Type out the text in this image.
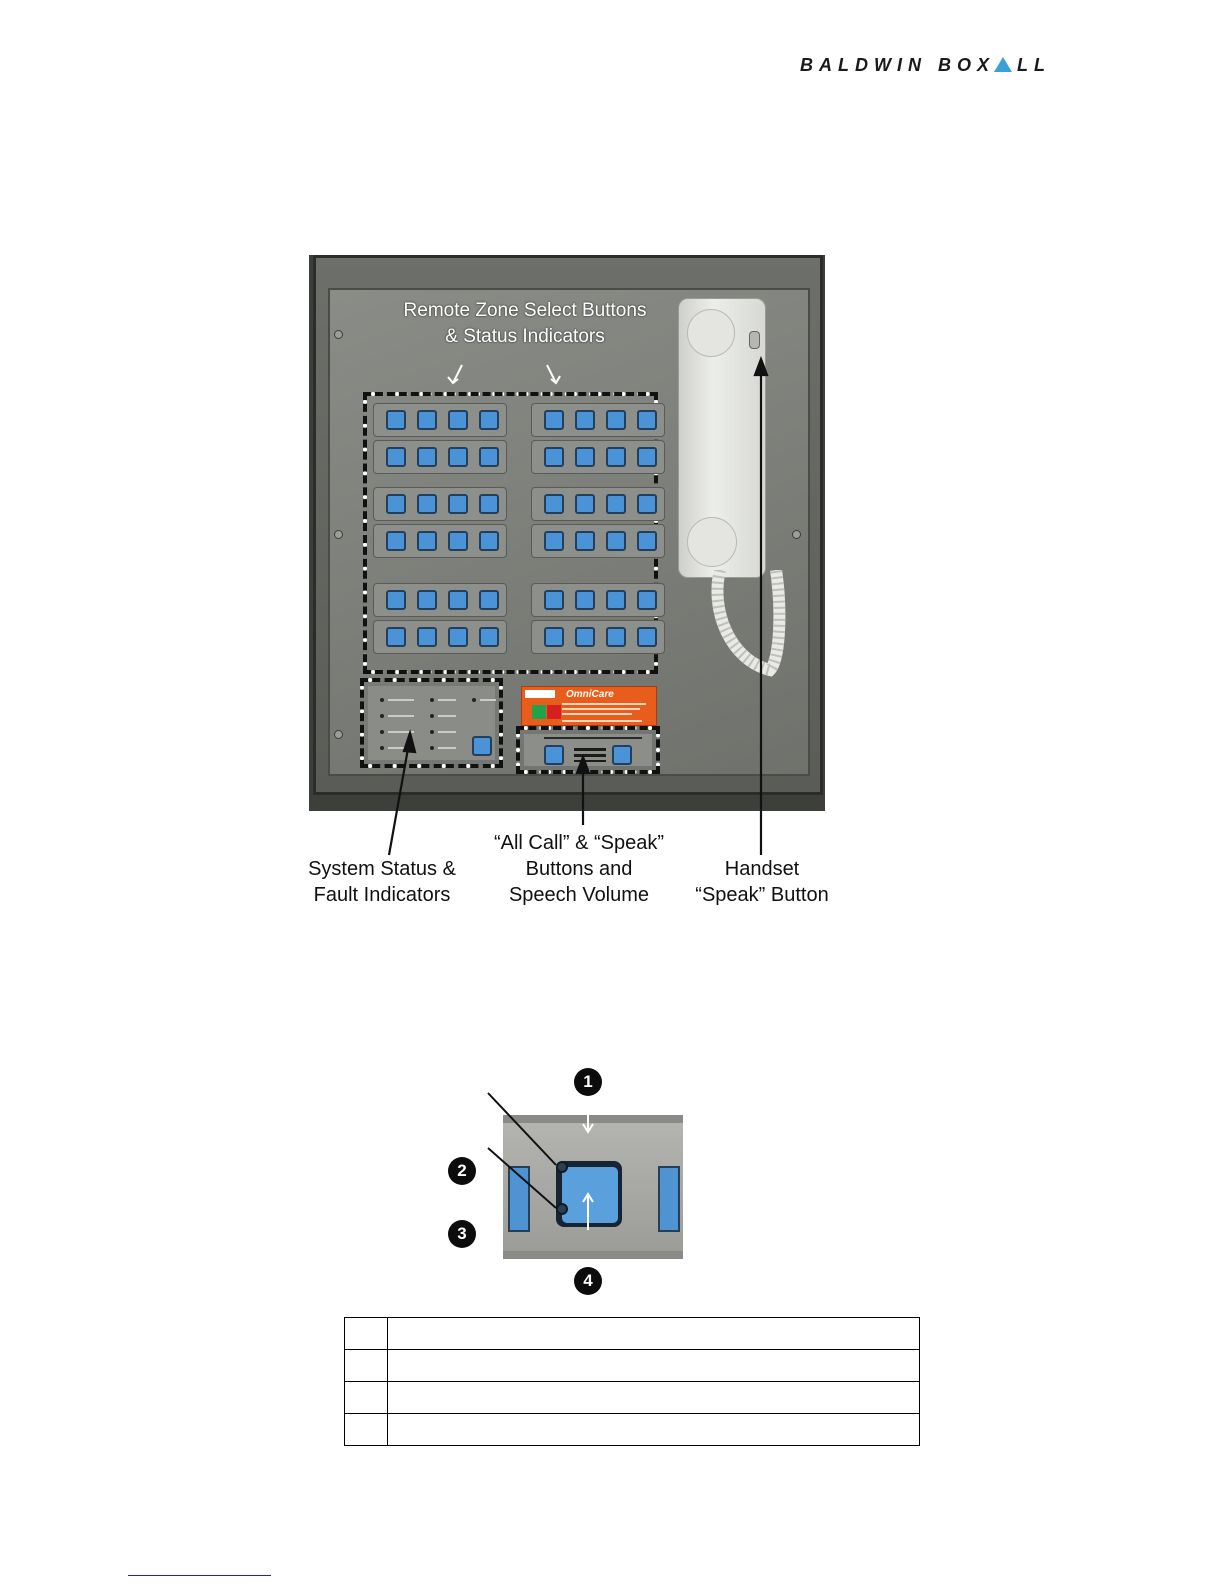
BALDWIN BOX LL
Remote Zone Select Buttons
& Status Indicators
OmniCare
System Status &
Fault Indicators
“All Call” & “Speak”
Buttons and
Speech Volume
Handset
“Speak” Button
1
2
3
4
